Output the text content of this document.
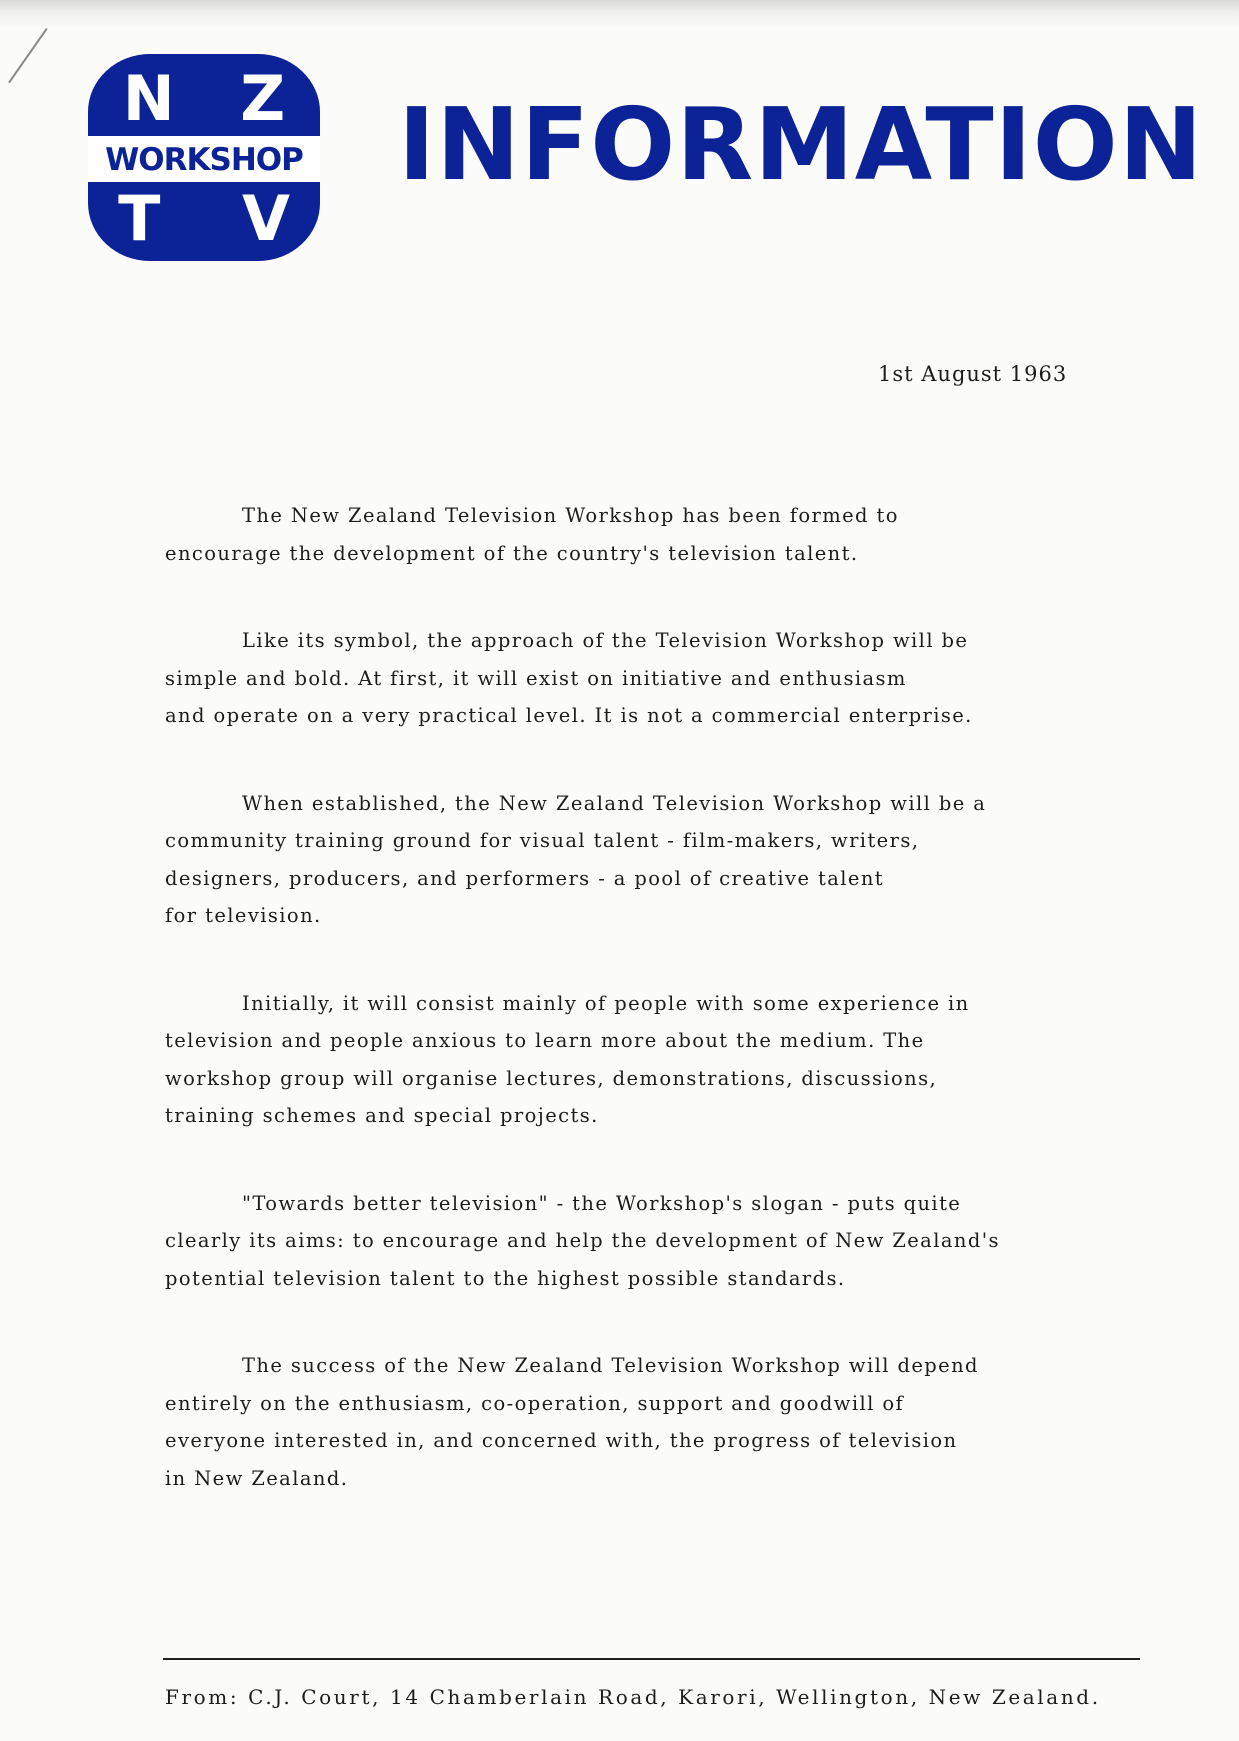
N Z
WORKSHOP
T V
INFORMATION
1st August 1963

The New Zealand Television Workshop has been formed to
encourage the development of the country's television talent.

Like its symbol, the approach of the Television Workshop will be
simple and bold. At first, it will exist on initiative and enthusiasm
and operate on a very practical level. It is not a commercial enterprise.

When established, the New Zealand Television Workshop will be a
community training ground for visual talent - film-makers, writers,
designers, producers, and performers - a pool of creative talent
for television.

Initially, it will consist mainly of people with some experience in
television and people anxious to learn more about the medium. The
workshop group will organise lectures, demonstrations, discussions,
training schemes and special projects.

"Towards better television" - the Workshop's slogan - puts quite
clearly its aims: to encourage and help the development of New Zealand's
potential television talent to the highest possible standards.

The success of the New Zealand Television Workshop will depend
entirely on the enthusiasm, co-operation, support and goodwill of
everyone interested in, and concerned with, the progress of television
in New Zealand.

From: C.J. Court, 14 Chamberlain Road, Karori, Wellington, New Zealand.
